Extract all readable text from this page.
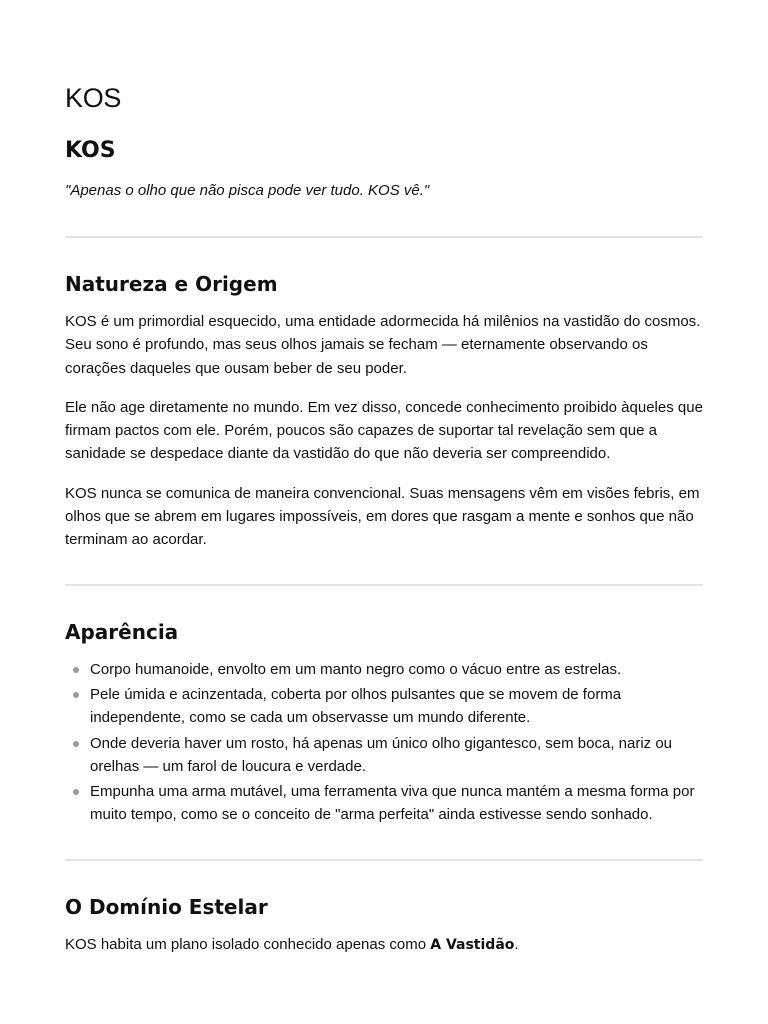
KOS
KOS

"Apenas o olho que não pisca pode ver tudo. KOS vê."

Natureza e Origem

KOS é um primordial esquecido, uma entidade adormecida há milênios na vastidão do cosmos. Seu sono é profundo, mas seus olhos jamais se fecham — eternamente observando os corações daqueles que ousam beber de seu poder.

Ele não age diretamente no mundo. Em vez disso, concede conhecimento proibido àqueles que firmam pactos com ele. Porém, poucos são capazes de suportar tal revelação sem que a sanidade se despedace diante da vastidão do que não deveria ser compreendido.

KOS nunca se comunica de maneira convencional. Suas mensagens vêm em visões febris, em olhos que se abrem em lugares impossíveis, em dores que rasgam a mente e sonhos que não terminam ao acordar.

Aparência
Corpo humanoide, envolto em um manto negro como o vácuo entre as estrelas.
Pele úmida e acinzentada, coberta por olhos pulsantes que se movem de forma independente, como se cada um observasse um mundo diferente.
Onde deveria haver um rosto, há apenas um único olho gigantesco, sem boca, nariz ou orelhas — um farol de loucura e verdade.
Empunha uma arma mutável, uma ferramenta viva que nunca mantém a mesma forma por muito tempo, como se o conceito de "arma perfeita" ainda estivesse sendo sonhado.
O Domínio Estelar

KOS habita um plano isolado conhecido apenas como A Vastidão.
